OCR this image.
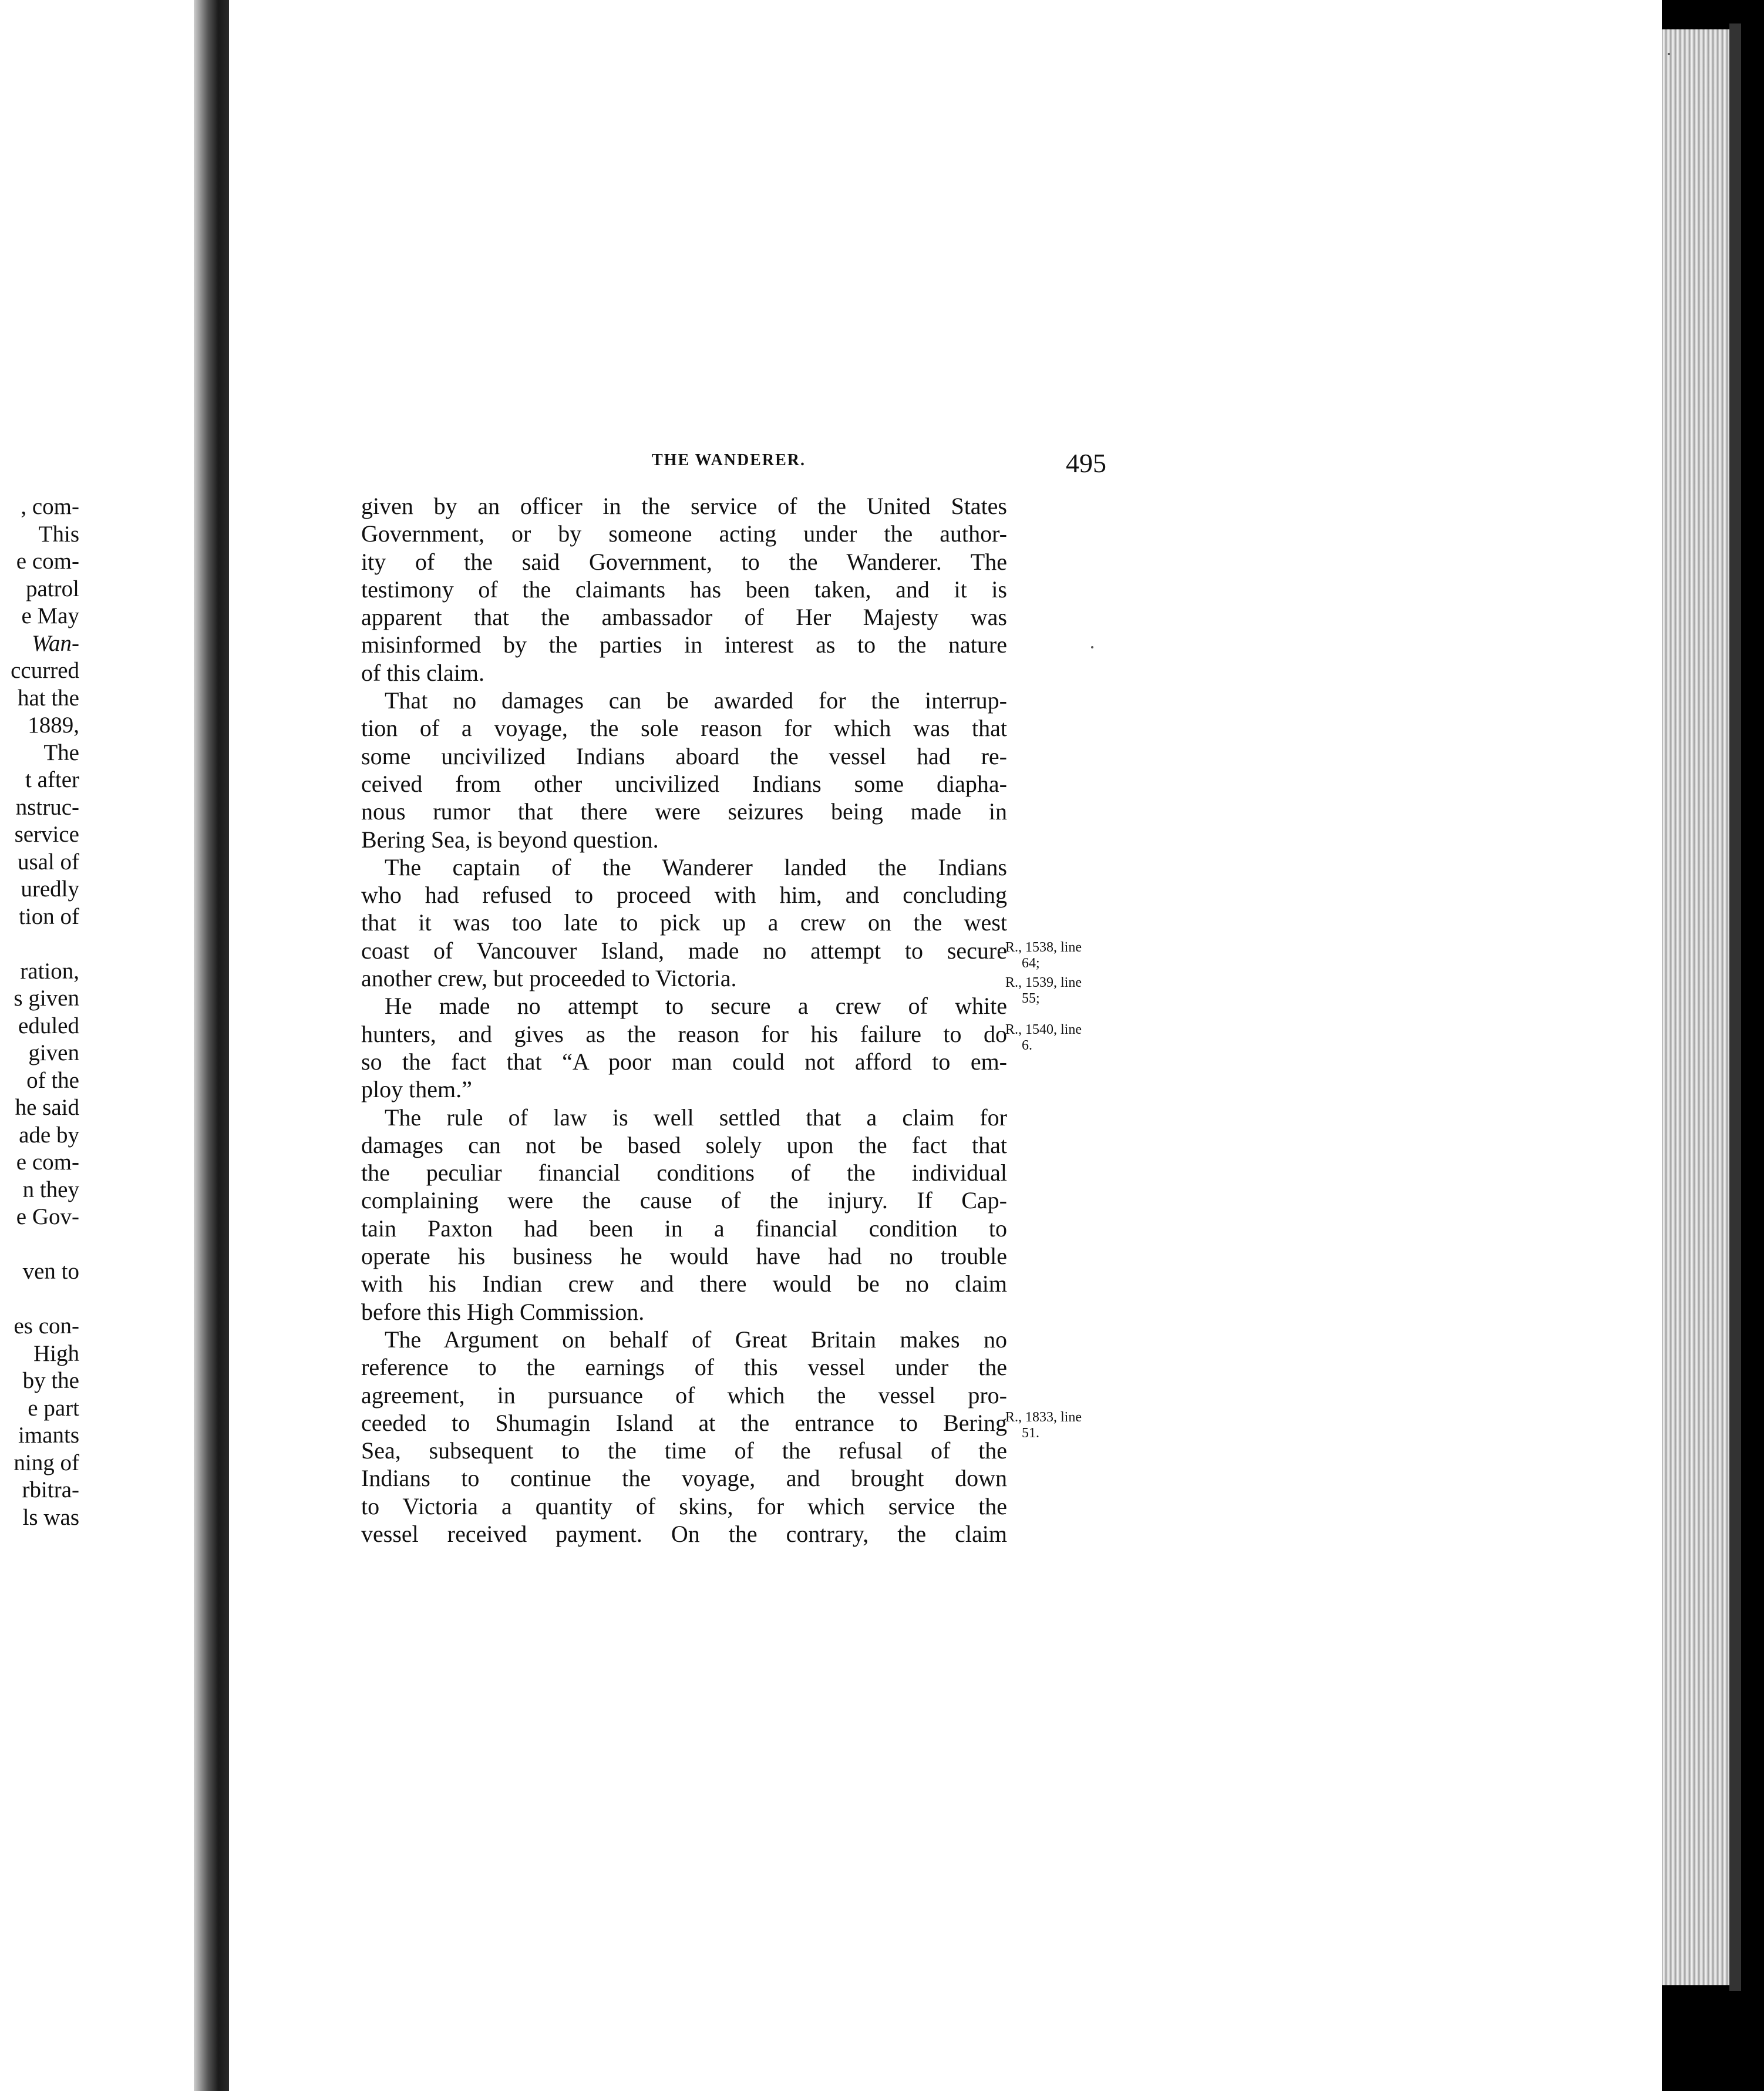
, com-
This
e com-
patrol
e May
Wan-
ccurred
hat the
1889,
The
t after
nstruc-
service
usal of
uredly
tion of
ration,
s given
eduled
given
of the
he said
ade by
e com-
n they
e Gov-
ven to
es con-
High
by the
e part
imants
ning of
rbitra-
ls was
THE WANDERER.	495
given by an officer in the service of the United States
Government, or by someone acting under the author-
ity of the said Government, to the Wanderer. The
testimony of the claimants has been taken, and it is
apparent that the ambassador of Her Majesty was
misinformed by the parties in interest as to the nature
of this claim.
That no damages can be awarded for the interrup-
tion of a voyage, the sole reason for which was that
some uncivilized Indians aboard the vessel had re-
ceived from other uncivilized Indians some diapha-
nous rumor that there were seizures being made in
Bering Sea, is beyond question.
The captain of the Wanderer landed the Indians
who had refused to proceed with him, and concluding
that it was too late to pick up a crew on the west
coast of Vancouver Island, made no attempt to secure
another crew, but proceeded to Victoria.
He made no attempt to secure a crew of white
hunters, and gives as the reason for his failure to do
so the fact that “A poor man could not afford to em-
ploy them.”
The rule of law is well settled that a claim for
damages can not be based solely upon the fact that
the peculiar financial conditions of the individual
complaining were the cause of the injury. If Cap-
tain Paxton had been in a financial condition to
operate his business he would have had no trouble
with his Indian crew and there would be no claim
before this High Commission.
The Argument on behalf of Great Britain makes no
reference to the earnings of this vessel under the
agreement, in pursuance of which the vessel pro-
ceeded to Shumagin Island at the entrance to Bering
Sea, subsequent to the time of the refusal of the
Indians to continue the voyage, and brought down
to Victoria a quantity of skins, for which service the
vessel received payment. On the contrary, the claim
R., 1538, line
64;
R., 1539, line
55;
R., 1540, line
6.
R., 1833, line
51.
